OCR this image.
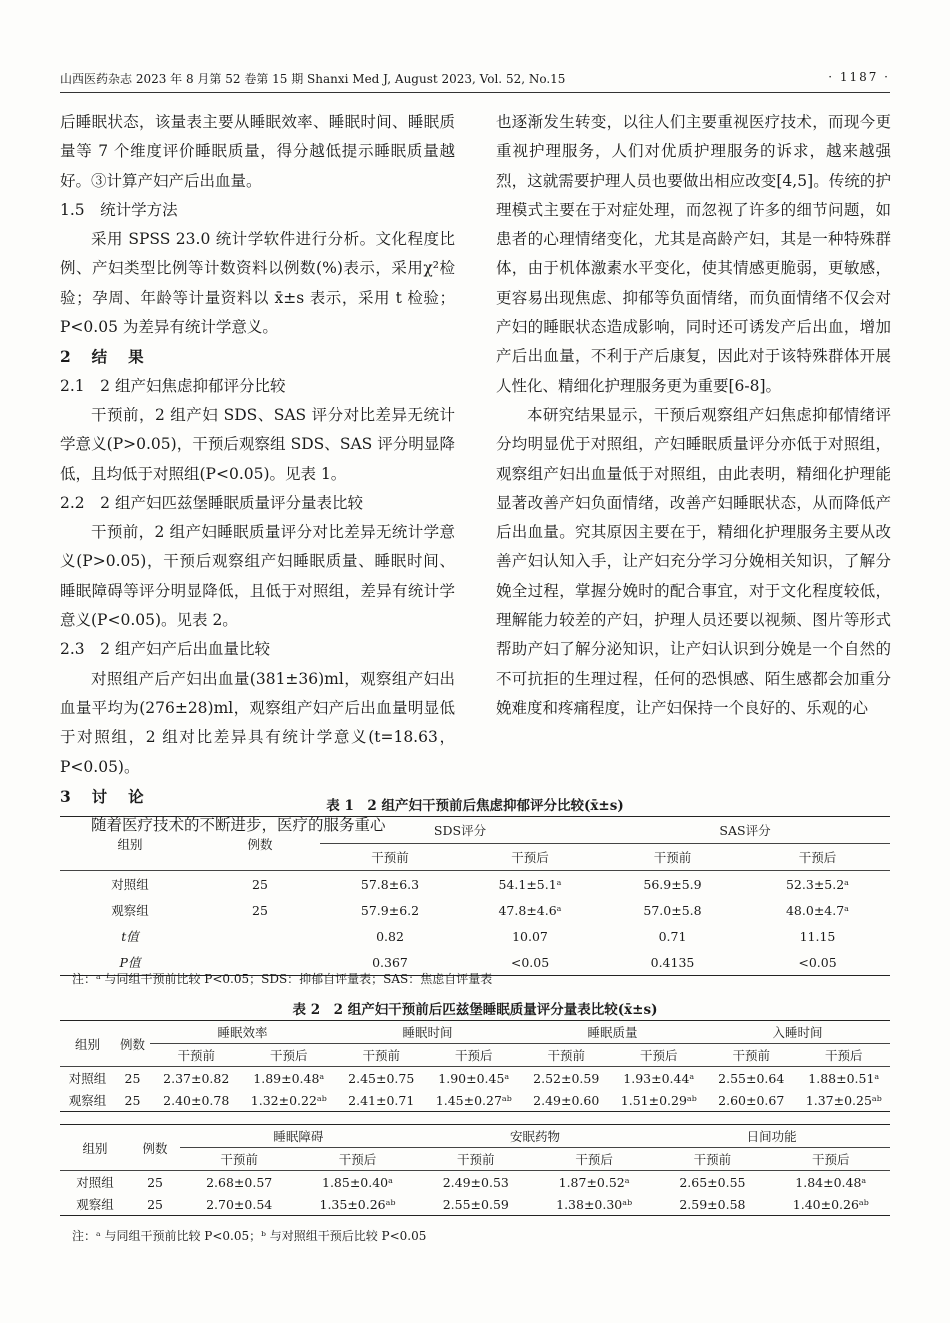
山西医药杂志 2023 年 8 月第 52 卷第 15 期 Shanxi Med J, August 2023, Vol. 52, No.15	· 1187 ·

后睡眠状态，该量表主要从睡眠效率、睡眠时间、睡眠质量等 7 个维度评价睡眠质量，得分越低提示睡眠质量越好。③计算产妇产后出血量。

1.5　统计学方法

采用 SPSS 23.0 统计学软件进行分析。文化程度比例、产妇类型比例等计数资料以例数(%)表示，采用χ²检验；孕周、年龄等计量资料以 x̄±s 表示，采用 t 检验；P<0.05 为差异有统计学意义。

2 结 果

2.1　2 组产妇焦虑抑郁评分比较

干预前，2 组产妇 SDS、SAS 评分对比差异无统计学意义(P>0.05)，干预后观察组 SDS、SAS 评分明显降低，且均低于对照组(P<0.05)。见表 1。

2.2　2 组产妇匹兹堡睡眠质量评分量表比较

干预前，2 组产妇睡眠质量评分对比差异无统计学意义(P>0.05)，干预后观察组产妇睡眠质量、睡眠时间、睡眠障碍等评分明显降低，且低于对照组，差异有统计学意义(P<0.05)。见表 2。

2.3　2 组产妇产后出血量比较

对照组产后产妇出血量(381±36)ml，观察组产妇出血量平均为(276±28)ml，观察组产妇产后出血量明显低于对照组，2 组对比差异具有统计学意义(t=18.63，P<0.05)。

3 讨 论

随着医疗技术的不断进步，医疗的服务重心

也逐渐发生转变，以往人们主要重视医疗技术，而现今更重视护理服务，人们对优质护理服务的诉求，越来越强烈，这就需要护理人员也要做出相应改变[4,5]。传统的护理模式主要在于对症处理，而忽视了许多的细节问题，如患者的心理情绪变化，尤其是高龄产妇，其是一种特殊群体，由于机体激素水平变化，使其情感更脆弱，更敏感，更容易出现焦虑、抑郁等负面情绪，而负面情绪不仅会对产妇的睡眠状态造成影响，同时还可诱发产后出血，增加产后出血量，不利于产后康复，因此对于该特殊群体开展人性化、精细化护理服务更为重要[6-8]。

本研究结果显示，干预后观察组产妇焦虑抑郁情绪评分均明显优于对照组，产妇睡眠质量评分亦低于对照组，观察组产妇出血量低于对照组，由此表明，精细化护理能显著改善产妇负面情绪，改善产妇睡眠状态，从而降低产后出血量。究其原因主要在于，精细化护理服务主要从改善产妇认知入手，让产妇充分学习分娩相关知识，了解分娩全过程，掌握分娩时的配合事宜，对于文化程度较低，理解能力较差的产妇，护理人员还要以视频、图片等形式帮助产妇了解分泌知识，让产妇认识到分娩是一个自然的不可抗拒的生理过程，任何的恐惧感、陌生感都会加重分娩难度和疼痛程度，让产妇保持一个良好的、乐观的心

表 1　2 组产妇干预前后焦虑抑郁评分比较(x̄±s)
组别	例数	SDS评分		SAS评分	
		干预前	干预后	干预前	干预后
对照组	25	57.8±6.3	54.1±5.1ᵃ	56.9±5.9	52.3±5.2ᵃ
观察组	25	57.9±6.2	47.8±4.6ᵃ	57.0±5.8	48.0±4.7ᵃ
t值		0.82	10.07	0.71	11.15
P值		0.367	<0.05	0.4135	<0.05
注：ᵃ 与同组干预前比较 P<0.05；SDS：抑郁自评量表；SAS：焦虑自评量表
表 2　2 组产妇干预前后匹兹堡睡眠质量评分量表比较(x̄±s)
组别	例数	睡眠效率		睡眠时间		睡眠质量		入睡时间	
		干预前	干预后	干预前	干预后	干预前	干预后	干预前	干预后
对照组	25	2.37±0.82	1.89±0.48ᵃ	2.45±0.75	1.90±0.45ᵃ	2.52±0.59	1.93±0.44ᵃ	2.55±0.64	1.88±0.51ᵃ
观察组	25	2.40±0.78	1.32±0.22ᵃᵇ	2.41±0.71	1.45±0.27ᵃᵇ	2.49±0.60	1.51±0.29ᵃᵇ	2.60±0.67	1.37±0.25ᵃᵇ
组别	例数	睡眠障碍		安眠药物		日间功能	
		干预前	干预后	干预前	干预后	干预前	干预后
对照组	25	2.68±0.57	1.85±0.40ᵃ	2.49±0.53	1.87±0.52ᵃ	2.65±0.55	1.84±0.48ᵃ
观察组	25	2.70±0.54	1.35±0.26ᵃᵇ	2.55±0.59	1.38±0.30ᵃᵇ	2.59±0.58	1.40±0.26ᵃᵇ
注：ᵃ 与同组干预前比较 P<0.05；ᵇ 与对照组干预后比较 P<0.05
